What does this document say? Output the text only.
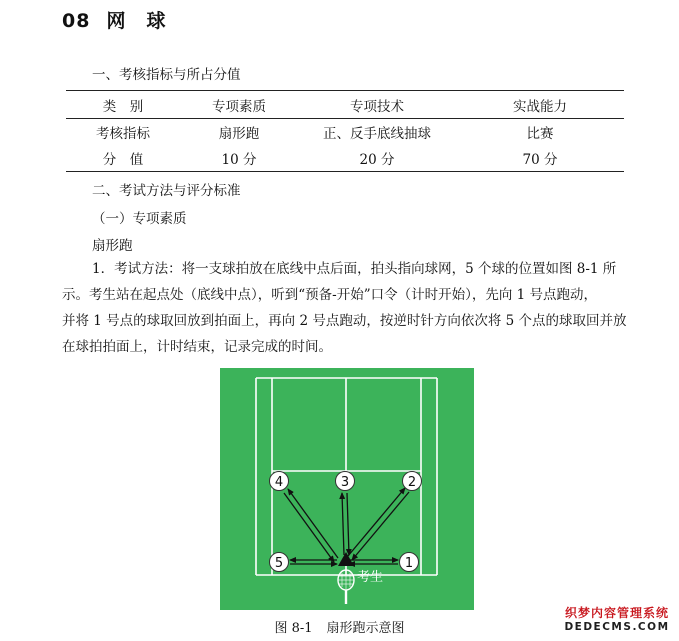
08 网　球
一、考核指标与所占分值
类　别	专项素质	专项技术	实战能力
考核指标	扇形跑	正、反手底线抽球	比赛
分　值	10 分	20 分	70 分
二、考试方法与评分标准
（一）专项素质
扇形跑
1．考试方法：将一支球拍放在底线中点后面，拍头指向球网，5 个球的位置如图 8-1 所
示。考生站在起点处（底线中点），听到“预备-开始”口令（计时开始），先向 1 号点跑动，
并将 1 号点的球取回放到拍面上，再向 2 号点跑动，按逆时针方向依次将 5 个点的球取回并放
在球拍拍面上，计时结束，记录完成的时间。
1
2
3
4
5
考生
图 8-1 扇形跑示意图
织梦内容管理系统
DEDECMS.COM
